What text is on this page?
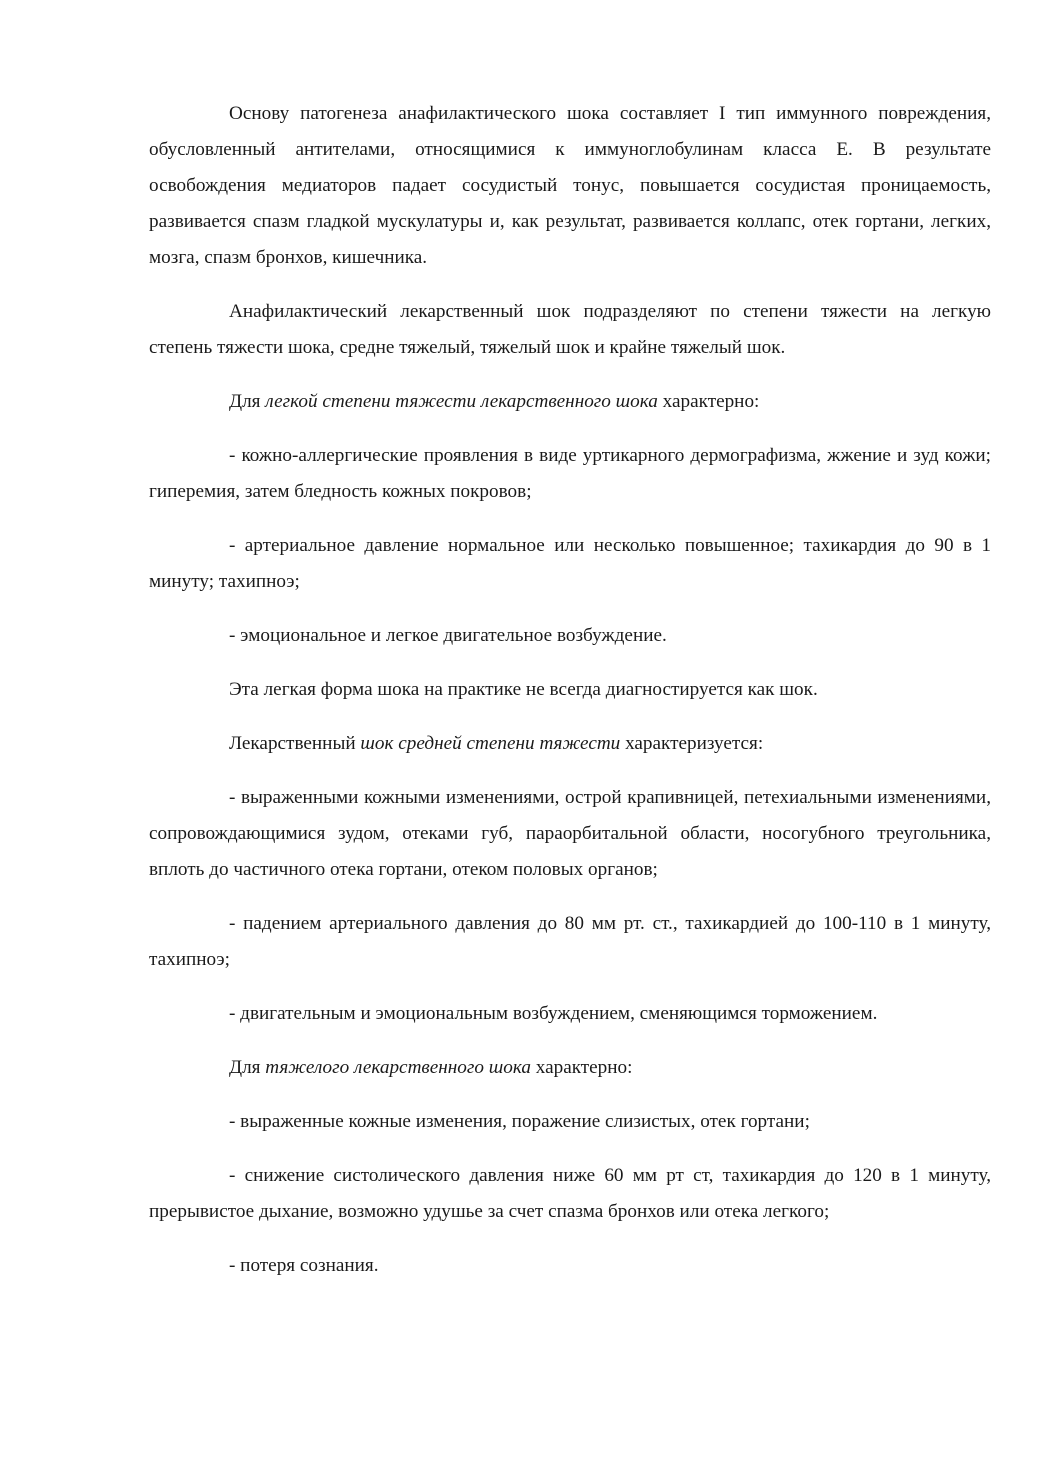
Основу патогенеза анафилактического шока составляет I тип иммунного повреждения, обусловленный антителами, относящимися к иммуноглобулинам класса Е. В результате освобождения медиаторов падает сосудистый тонус, повышается сосудистая проницаемость, развивается спазм гладкой мускулатуры и, как результат, развивается коллапс, отек гортани, легких, мозга, спазм бронхов, кишечника.

Анафилактический лекарственный шок подразделяют по степени тяжести на легкую степень тяжести шока, средне тяжелый, тяжелый шок и крайне тяжелый шок.

Для легкой степени тяжести лекарственного шока характерно:

- кожно-аллергические проявления в виде уртикарного дермографизма, жжение и зуд кожи; гиперемия, затем бледность кожных покровов;

- артериальное давление нормальное или несколько повышенное; тахикардия до 90 в 1 минуту; тахипноэ;

- эмоциональное и легкое двигательное возбуждение.

Эта легкая форма шока на практике не всегда диагностируется как шок.

Лекарственный шок средней степени тяжести характеризуется:

- выраженными кожными изменениями, острой крапивницей, петехиальными изменениями, сопровождающимися зудом, отеками губ, параорбитальной области, носогубного треугольника, вплоть до частичного отека гортани, отеком половых органов;

- падением артериального давления до 80 мм рт. ст., тахикардией до 100-110 в 1 минуту, тахипноэ;

- двигательным и эмоциональным возбуждением, сменяющимся торможением.

Для тяжелого лекарственного шока характерно:

- выраженные кожные изменения, поражение слизистых, отек гортани;

- снижение систолического давления ниже 60 мм рт ст, тахикардия до 120 в 1 минуту, прерывистое дыхание, возможно удушье за счет спазма бронхов или отека легкого;

- потеря сознания.
